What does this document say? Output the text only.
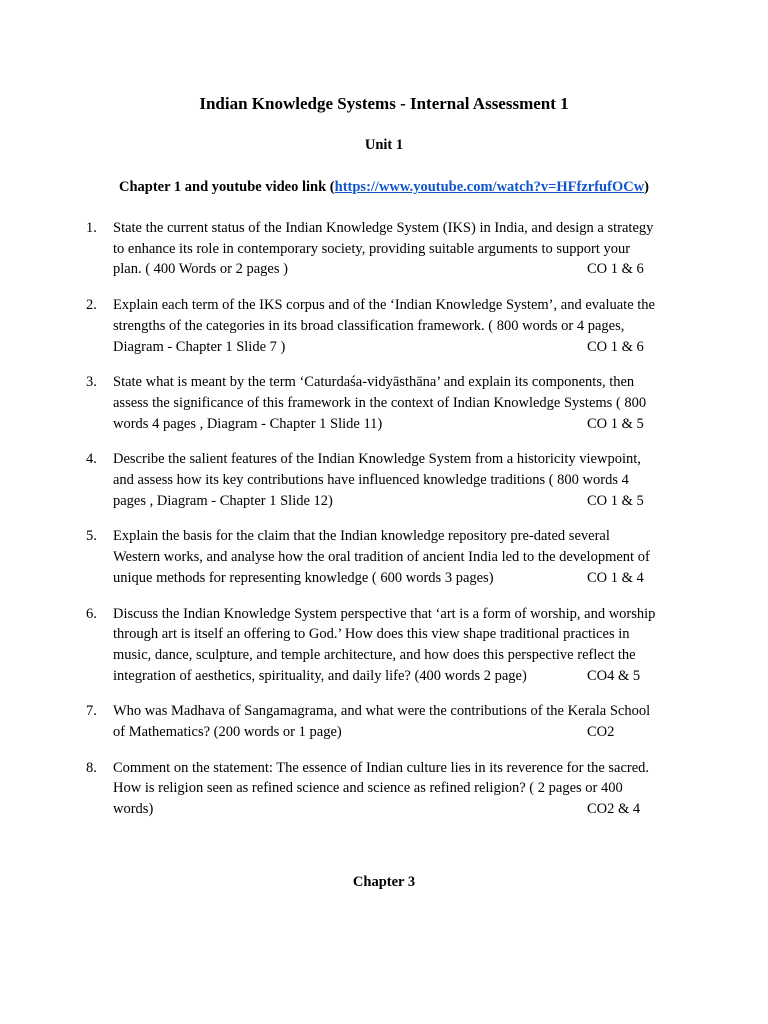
Indian Knowledge Systems - Internal Assessment 1
Unit 1
Chapter 1 and youtube video link (https://www.youtube.com/watch?v=HFfzrfufOCw)
1.	State the current status of the Indian Knowledge System (IKS) in India, and design a strategy
to enhance its role in contemporary society, providing suitable arguments to support your
plan. ( 400 Words or 2 pages )	CO 1 & 6
2.	Explain each term of the IKS corpus and of the ‘Indian Knowledge System’, and evaluate the
strengths of the categories in its broad classification framework. ( 800 words or 4 pages,
Diagram - Chapter 1 Slide 7 )	CO 1 & 6
3.	State what is meant by the term ‘Caturdaśa-vidyāsthāna’ and explain its components, then
assess the significance of this framework in the context of Indian Knowledge Systems ( 800
words 4 pages , Diagram - Chapter 1 Slide 11)	CO 1 & 5
4.	Describe the salient features of the Indian Knowledge System from a historicity viewpoint,
and assess how its key contributions have influenced knowledge traditions ( 800 words 4
pages , Diagram - Chapter 1 Slide 12)	CO 1 & 5
5.	Explain the basis for the claim that the Indian knowledge repository pre-dated several
Western works, and analyse how the oral tradition of ancient India led to the development of
unique methods for representing knowledge ( 600 words 3 pages)	CO 1 & 4
6.	Discuss the Indian Knowledge System perspective that ‘art is a form of worship, and worship
through art is itself an offering to God.’ How does this view shape traditional practices in
music, dance, sculpture, and temple architecture, and how does this perspective reflect the
integration of aesthetics, spirituality, and daily life? (400 words 2 page)	CO4 & 5
7.	Who was Madhava of Sangamagrama, and what were the contributions of the Kerala School
of Mathematics? (200 words or 1 page)	CO2
8.	Comment on the statement: The essence of Indian culture lies in its reverence for the sacred.
How is religion seen as refined science and science as refined religion? ( 2 pages or 400
words)	CO2 & 4
Chapter 3
